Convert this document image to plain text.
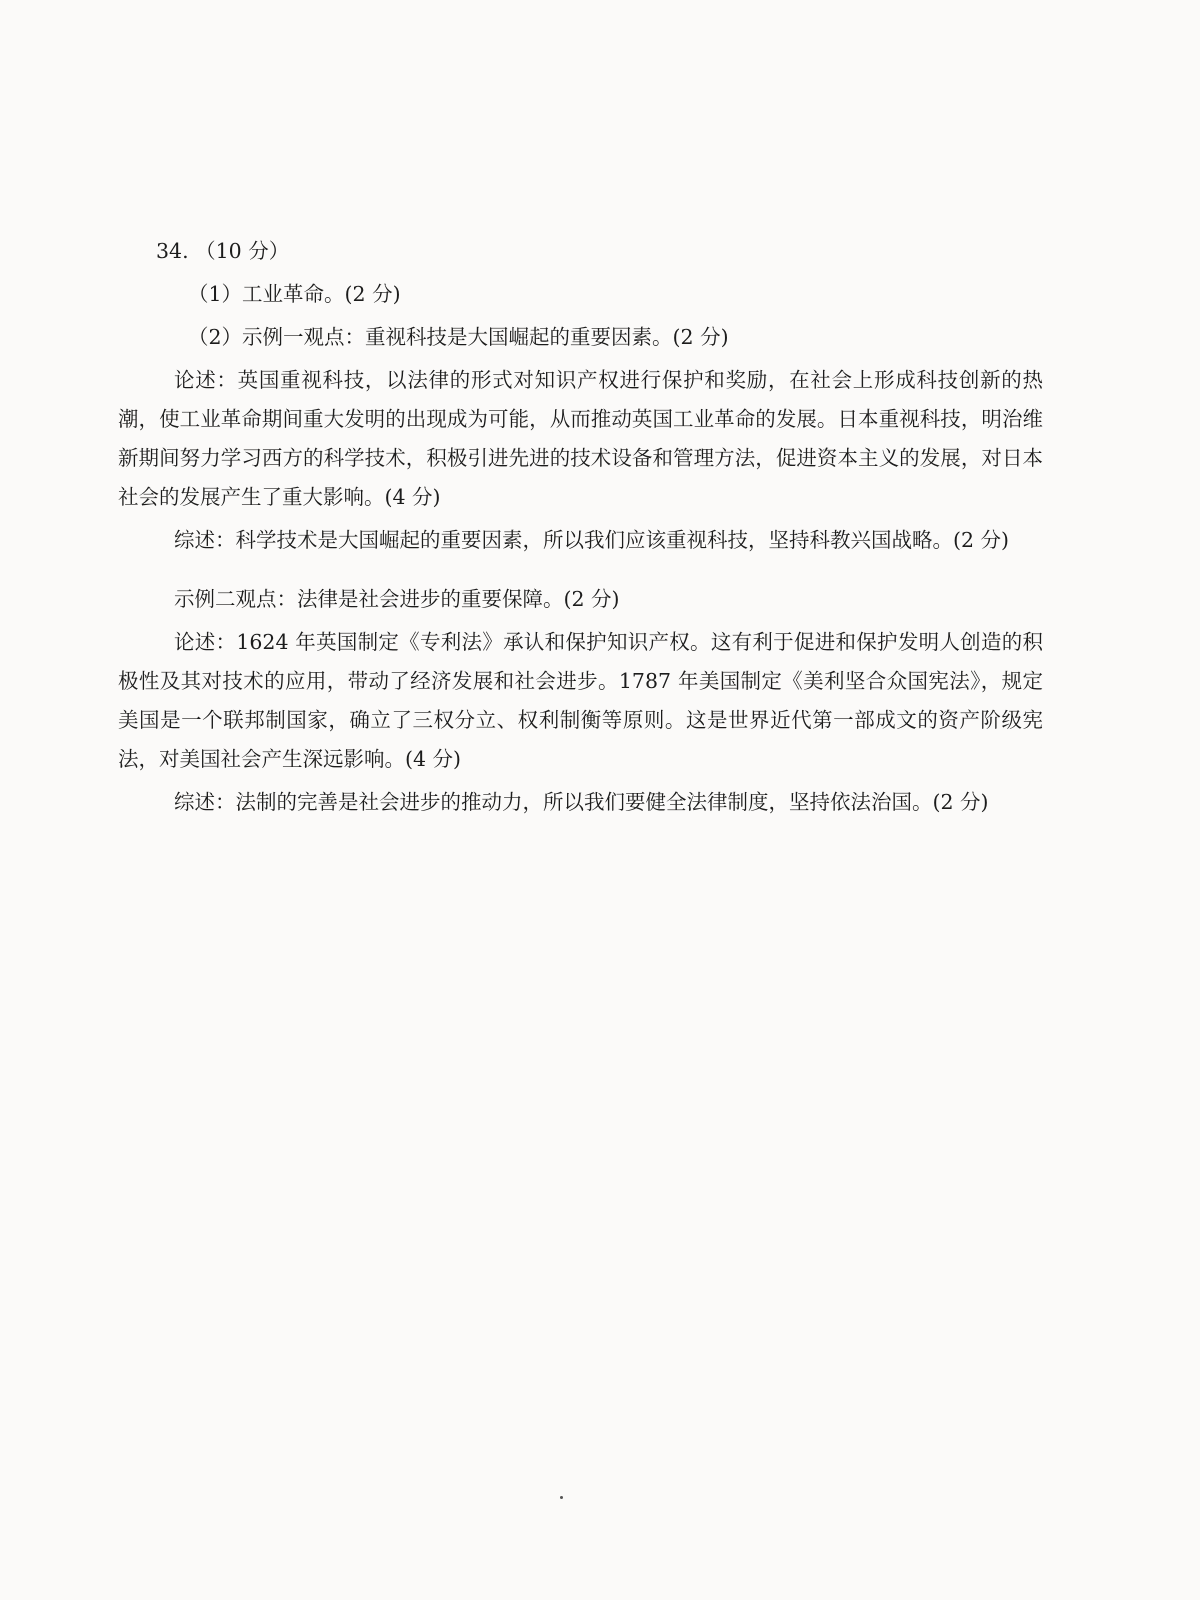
34. （10 分）
（1）工业革命。(2 分)
（2）示例一观点：重视科技是大国崛起的重要因素。(2 分)

论述：英国重视科技，以法律的形式对知识产权进行保护和奖励，在社会上形成科技创新的热潮，使工业革命期间重大发明的出现成为可能，从而推动英国工业革命的发展。日本重视科技，明治维新期间努力学习西方的科学技术，积极引进先进的技术设备和管理方法，促进资本主义的发展，对日本社会的发展产生了重大影响。(4 分)

综述：科学技术是大国崛起的重要因素，所以我们应该重视科技，坚持科教兴国战略。(2 分)

示例二观点：法律是社会进步的重要保障。(2 分)

论述：1624 年英国制定《专利法》承认和保护知识产权。这有利于促进和保护发明人创造的积极性及其对技术的应用，带动了经济发展和社会进步。1787 年美国制定《美利坚合众国宪法》，规定美国是一个联邦制国家，确立了三权分立、权利制衡等原则。这是世界近代第一部成文的资产阶级宪法，对美国社会产生深远影响。(4 分)

综述：法制的完善是社会进步的推动力，所以我们要健全法律制度，坚持依法治国。(2 分)
